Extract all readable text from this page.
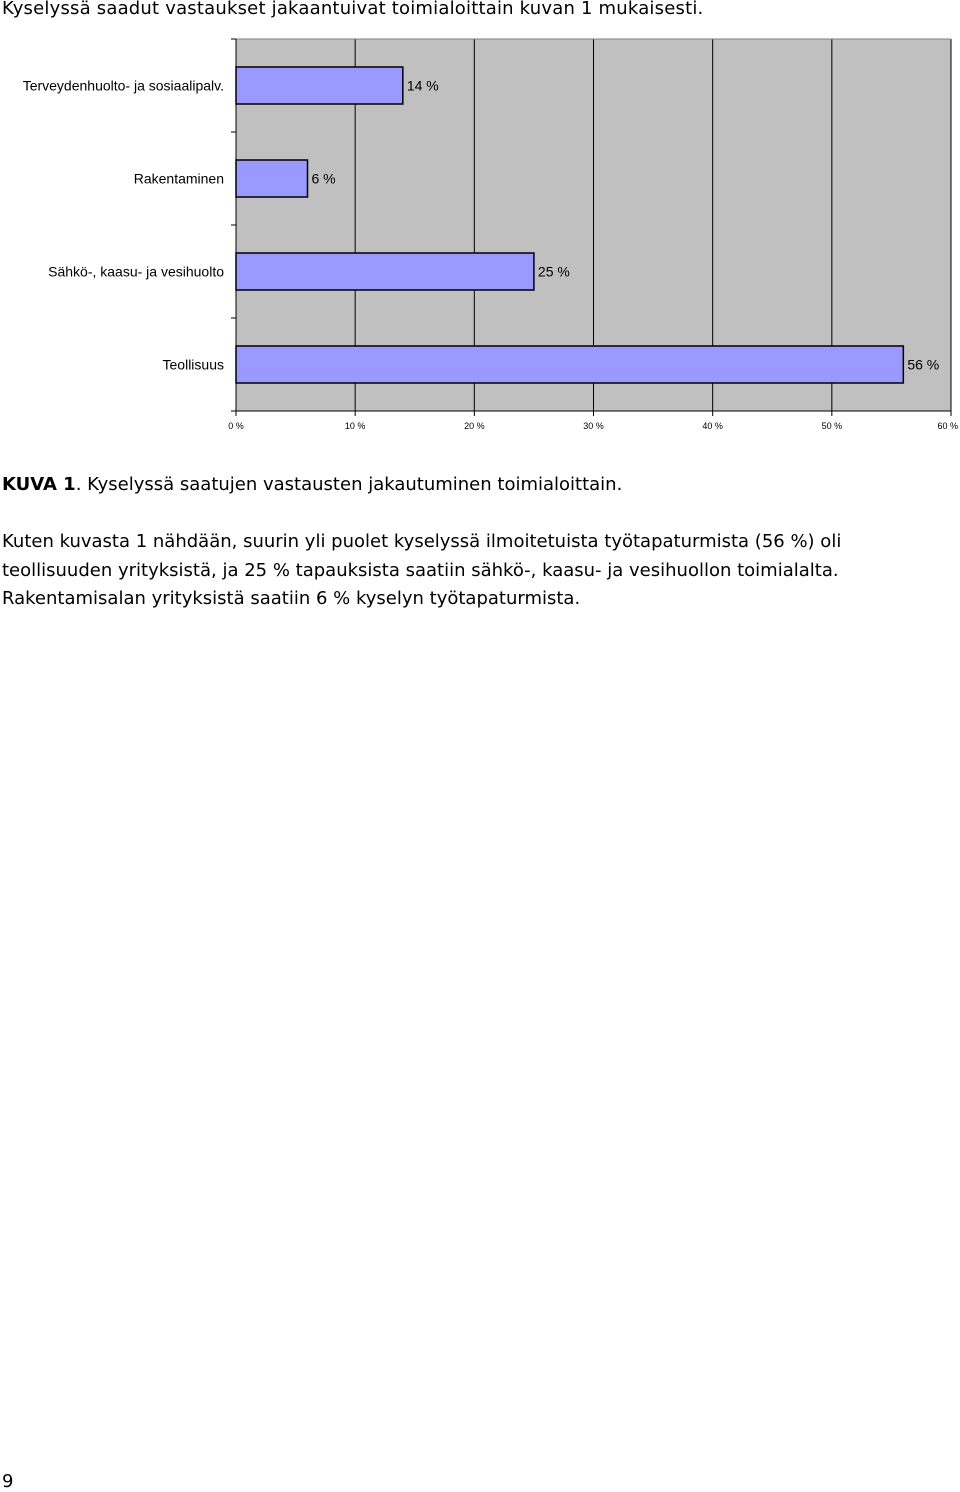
Kyselyssä saadut vastaukset jakaantuivat toimialoittain kuvan 1 mukaisesti.
Terveydenhuolto- ja sosiaalipalv.	14 %
Rakentaminen	6 %
Sähkö-, kaasu- ja vesihuolto	25 %
Teollisuus	56 %
0 %	10 %	20 %	30 %	40 %	50 %	60 %
KUVA 1. Kyselyssä saatujen vastausten jakautuminen toimialoittain.

Kuten kuvasta 1 nähdään, suurin yli puolet kyselyssä ilmoitetuista työtapaturmista (56 %) oli

teollisuuden yrityksistä, ja 25 % tapauksista saatiin sähkö-, kaasu- ja vesihuollon toimialalta.

Rakentamisalan yrityksistä saatiin 6 % kyselyn työtapaturmista.

9
